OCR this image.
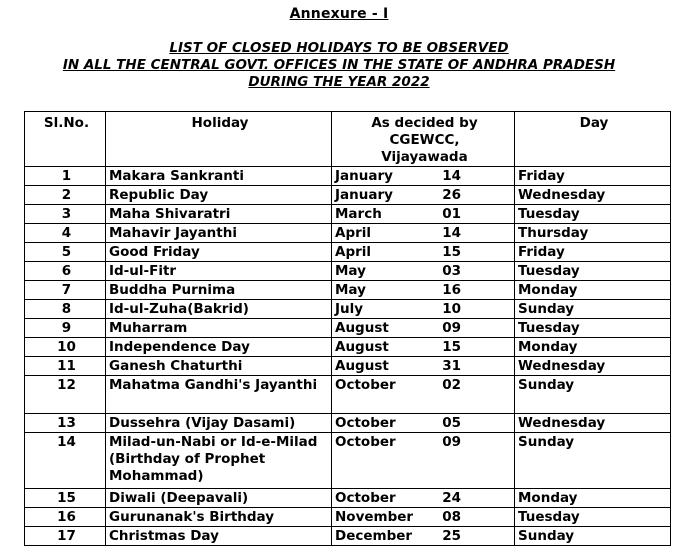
Annexure - I
LIST OF CLOSED HOLIDAYS TO BE OBSERVED
IN ALL THE CENTRAL GOVT. OFFICES IN THE STATE OF ANDHRA PRADESH
DURING THE YEAR 2022
Sl.No.	Holiday	As decided by
CGEWCC,
Vijayawada	Day
1	Makara Sankranti	January 14	Friday
2	Republic Day	January 26	Wednesday
3	Maha Shivaratri	March 01	Tuesday
4	Mahavir Jayanthi	April 14	Thursday
5	Good Friday	April 15	Friday
6	Id-ul-Fitr	May 03	Tuesday
7	Buddha Purnima	May 16	Monday
8	Id-ul-Zuha(Bakrid)	July 10	Sunday
9	Muharram	August 09	Tuesday
10	Independence Day	August 15	Monday
11	Ganesh Chaturthi	August 31	Wednesday
12	Mahatma Gandhi's Jayanthi	October 02	Sunday
13	Dussehra (Vijay Dasami)	October 05	Wednesday
14	Milad-un-Nabi or Id-e-Milad (Birthday of Prophet Mohammad)	October 09	Sunday
15	Diwali (Deepavali)	October 24	Monday
16	Gurunanak's Birthday	November 08	Tuesday
17	Christmas Day	December 25	Sunday
